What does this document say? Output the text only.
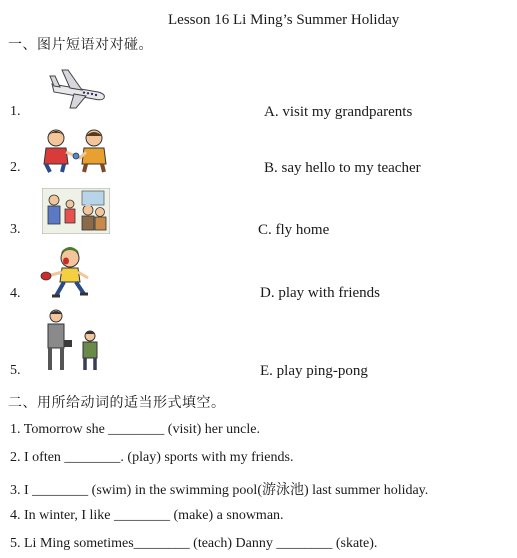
Lesson 16 Li Ming’s Summer Holiday
一、图片短语对对碰。
1.
2.
3.
4.
5.
A. visit my grandparents
B. say hello to my teacher
C. fly home
D. play with friends
E. play ping-pong
二、用所给动词的适当形式填空。
1. Tomorrow she ________ (visit) her uncle.
2. I often ________. (play) sports with my friends.
3. I ________ (swim) in the swimming pool(游泳池) last summer holiday.
4. In winter, I like ________ (make) a snowman.
5. Li Ming sometimes________ (teach) Danny ________ (skate).
